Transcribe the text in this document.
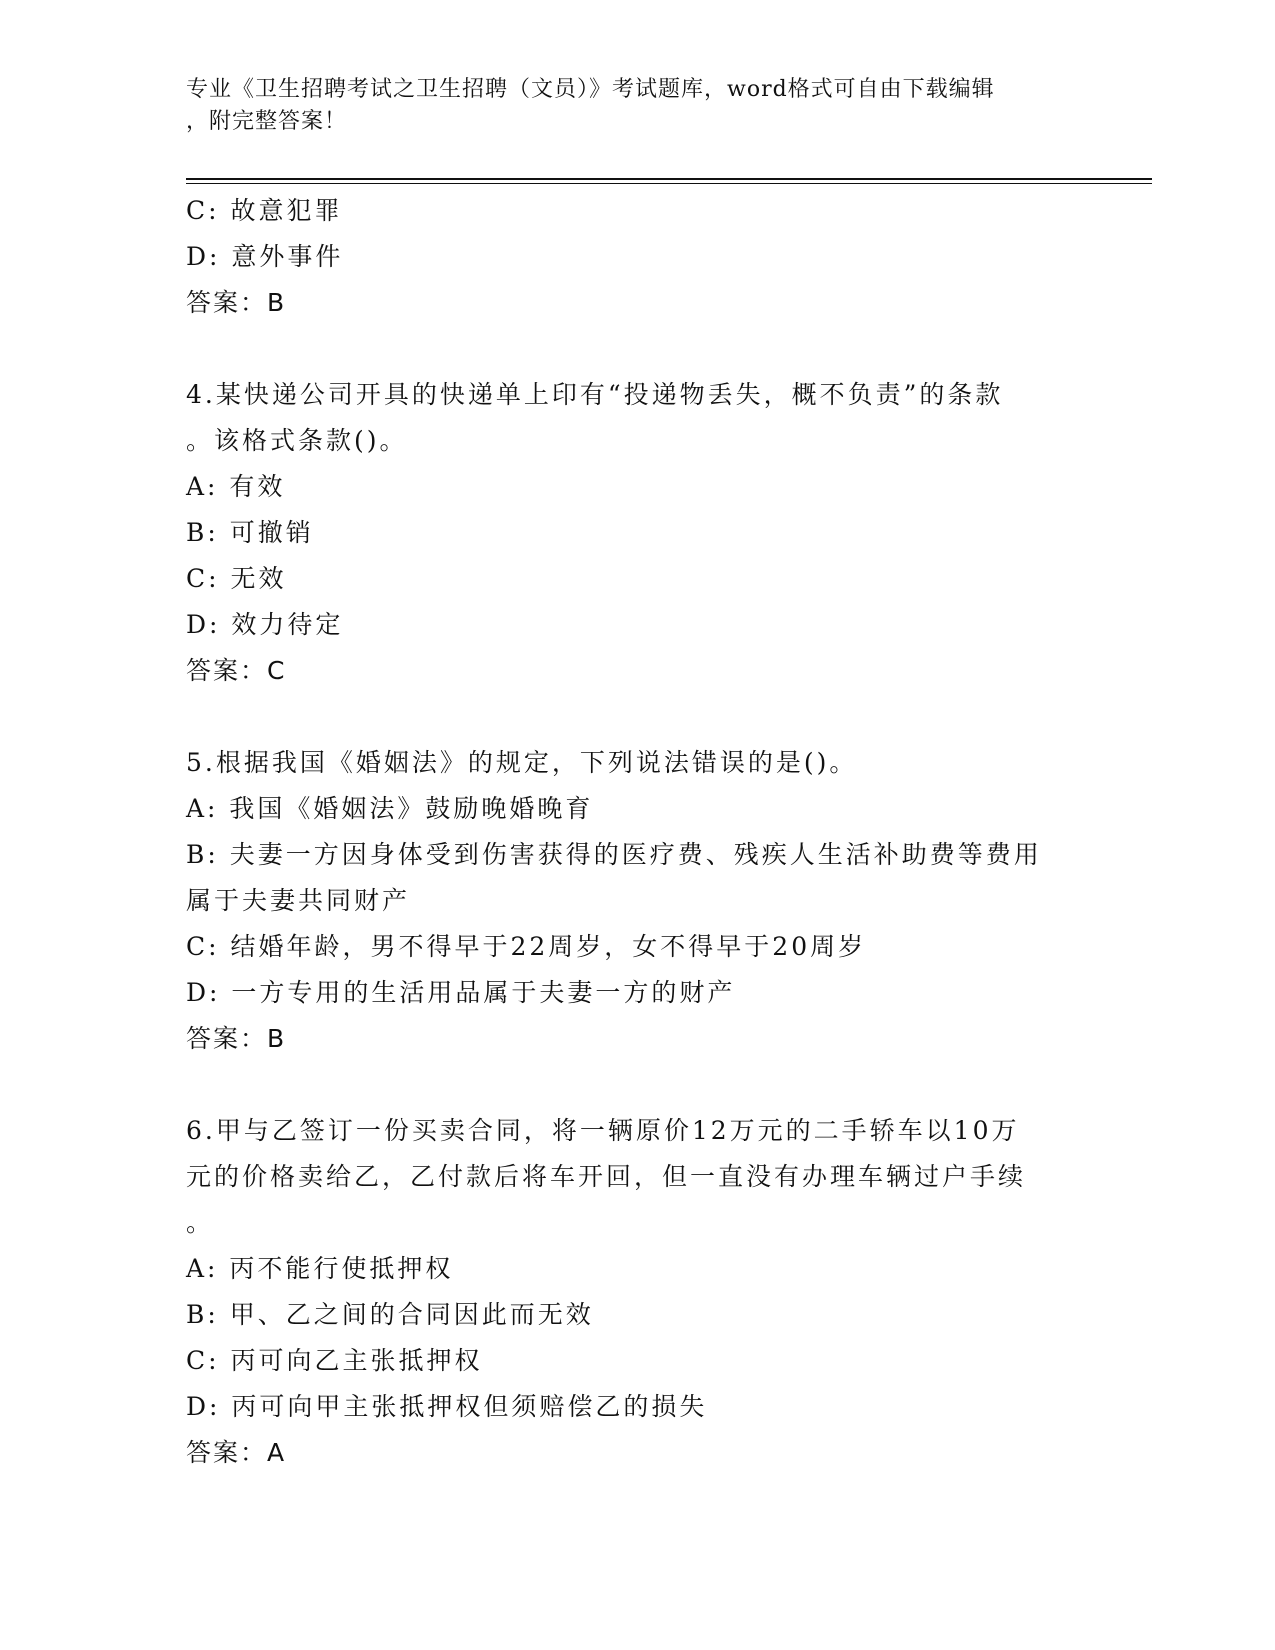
专业《卫生招聘考试之卫生招聘（文员）》考试题库，word格式可自由下载编辑
，附完整答案！
C: 故意犯罪
D: 意外事件
答案：B
4.某快递公司开具的快递单上印有“投递物丢失，概不负责”的条款
。该格式条款()。
A: 有效
B: 可撤销
C: 无效
D: 效力待定
答案：C
5.根据我国《婚姻法》的规定，下列说法错误的是()。
A: 我国《婚姻法》鼓励晚婚晚育
B: 夫妻一方因身体受到伤害获得的医疗费、残疾人生活补助费等费用
属于夫妻共同财产
C: 结婚年龄，男不得早于22周岁，女不得早于20周岁
D: 一方专用的生活用品属于夫妻一方的财产
答案：B
6.甲与乙签订一份买卖合同，将一辆原价12万元的二手轿车以10万
元的价格卖给乙，乙付款后将车开回，但一直没有办理车辆过户手续
。
A: 丙不能行使抵押权
B: 甲、乙之间的合同因此而无效
C: 丙可向乙主张抵押权
D: 丙可向甲主张抵押权但须赔偿乙的损失
答案：A
